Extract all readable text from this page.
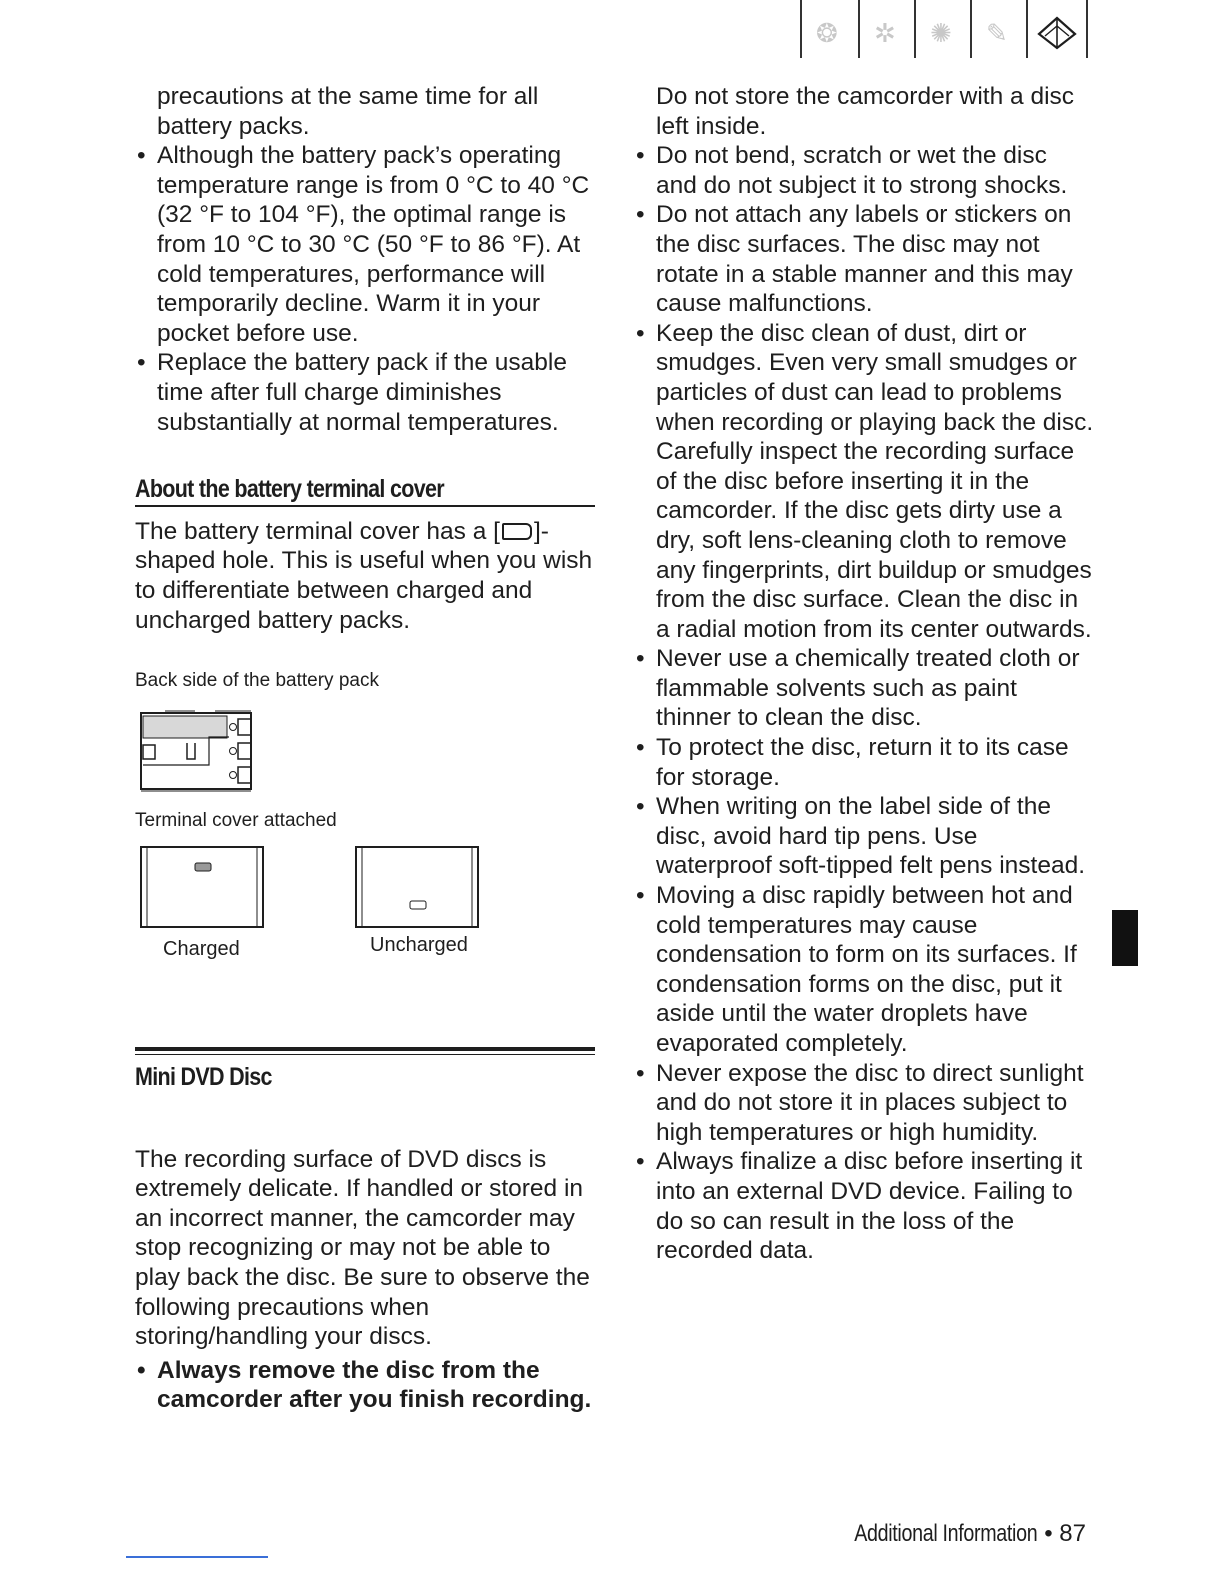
❂ ✲ ✺ ✎

precautions at the same time for all battery packs.

• Although the battery pack’s operating temperature range is from 0 °C to 40 °C (32 °F to 104 °F), the optimal range is from 10 °C to 30 °C (50 °F to 86 °F). At cold temperatures, performance will temporarily decline. Warm it in your pocket before use.
• Replace the battery pack if the usable time after full charge diminishes substantially at normal temperatures.
About the battery terminal cover

The battery terminal cover has a [ ]-shaped hole. This is useful when you wish to differentiate between charged and uncharged battery packs.

Back side of the battery pack

Terminal cover attached

Charged	Uncharged
Mini DVD Disc

The recording surface of DVD discs is extremely delicate. If handled or stored in an incorrect manner, the camcorder may stop recognizing or may not be able to play back the disc. Be sure to observe the following precautions when storing/handling your discs.

• Always remove the disc from the camcorder after you finish recording.

Do not store the camcorder with a disc left inside.

• Do not bend, scratch or wet the disc and do not subject it to strong shocks.
• Do not attach any labels or stickers on the disc surfaces. The disc may not rotate in a stable manner and this may cause malfunctions.
• Keep the disc clean of dust, dirt or smudges. Even very small smudges or particles of dust can lead to problems when recording or playing back the disc. Carefully inspect the recording surface of the disc before inserting it in the camcorder. If the disc gets dirty use a dry, soft lens-cleaning cloth to remove any fingerprints, dirt buildup or smudges from the disc surface. Clean the disc in a radial motion from its center outwards.
• Never use a chemically treated cloth or flammable solvents such as paint thinner to clean the disc.
• To protect the disc, return it to its case for storage.
• When writing on the label side of the disc, avoid hard tip pens. Use waterproof soft-tipped felt pens instead.
• Moving a disc rapidly between hot and cold temperatures may cause condensation to form on its surfaces. If condensation forms on the disc, put it aside until the water droplets have evaporated completely.
• Never expose the disc to direct sunlight and do not store it in places subject to high temperatures or high humidity.
• Always finalize a disc before inserting it into an external DVD device. Failing to do so can result in the loss of the recorded data.
Additional Information • 87
